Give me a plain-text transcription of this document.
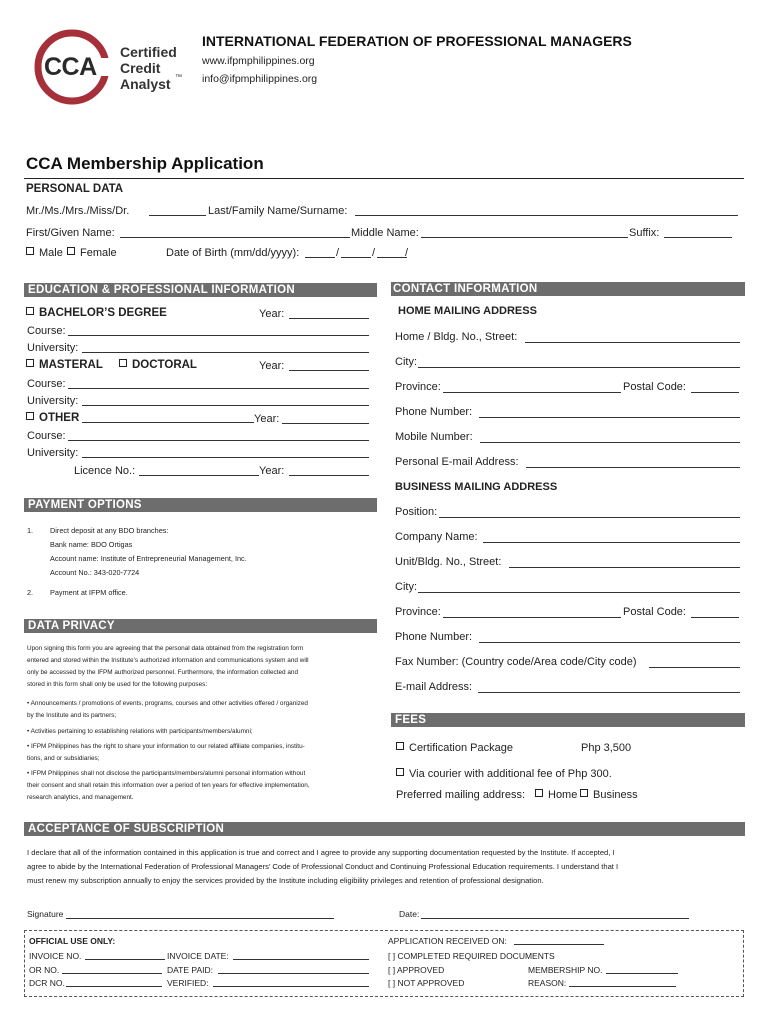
CCA
Certified
Credit
Analyst ™
INTERNATIONAL FEDERATION OF PROFESSIONAL MANAGERS
www.ifpmphilippines.org
info@ifpmphilippines.org
CCA Membership Application
PERSONAL DATA
Mr./Ms./Mrs./Miss/Dr.	Last/Family Name/Surname:
First/Given Name:	Middle Name:	Suffix:
Male	Female	Date of Birth (mm/dd/yyyy):	/	/	/
EDUCATION & PROFESSIONAL INFORMATION
BACHELOR’S DEGREE	Year:
Course:
University:
MASTERAL	DOCTORAL	Year:
Course:
University:
OTHER	Year:
Course:
University:
Licence No.:	Year:
PAYMENT OPTIONS
1. Direct deposit at any BDO branches:
Bank name: BDO Ortigas
Account name: Institute of Entrepreneurial Management, Inc.
Account No.: 343-020-7724
2. Payment at IFPM office.
DATA PRIVACY
Upon signing this form you are agreeing that the personal data obtained from the registration form
entered and stored within the Institute’s authorized information and communications system and will
only be accessed by the IFPM authorized personnel. Furthermore, the information collected and
stored in this form shall only be used for the following purposes:
• Announcements / promotions of events, programs, courses and other activities offered / organized
by the Institute and its partners;
• Activities pertaining to establishing relations with participants/members/alumni;
• IFPM Philippines has the right to share your information to our related affiliate companies, institu-
tions, and or subsidiaries;
• IFPM Philippines shall not disclose the participants/members/alumni personal information without
their consent and shall retain this information over a period of ten years for effective implementation,
research analytics, and management.
CONTACT INFORMATION
HOME MAILING ADDRESS
Home / Bldg. No., Street:
City:
Province:	Postal Code:
Phone Number:
Mobile Number:
Personal E-mail Address:
BUSINESS MAILING ADDRESS
Position:
Company Name:
Unit/Bldg. No., Street:
City:
Province:	Postal Code:
Phone Number:
Fax Number: (Country code/Area code/City code)
E-mail Address:
FEES
Certification Package	Php 3,500
Via courier with additional fee of Php 300.
Preferred mailing address:	Home	Business
ACCEPTANCE OF SUBSCRIPTION
I declare that all of the information contained in this application is true and correct and I agree to provide any supporting documentation requested by the Institute. If accepted, I
agree to abide by the International Federation of Professional Managers’ Code of Professional Conduct and Continuing Professional Education requirements. I understand that I
must renew my subscription annually to enjoy the services provided by the Institute including eligibility privileges and retention of professional designation.
Signature	Date:
OFFICIAL USE ONLY:
INVOICE NO.	INVOICE DATE:
OR NO.	DATE PAID:
DCR NO.	VERIFIED:
APPLICATION RECEIVED ON:
[ ] COMPLETED REQUIRED DOCUMENTS
[ ] APPROVED	MEMBERSHIP NO.
[ ] NOT APPROVED	REASON:
